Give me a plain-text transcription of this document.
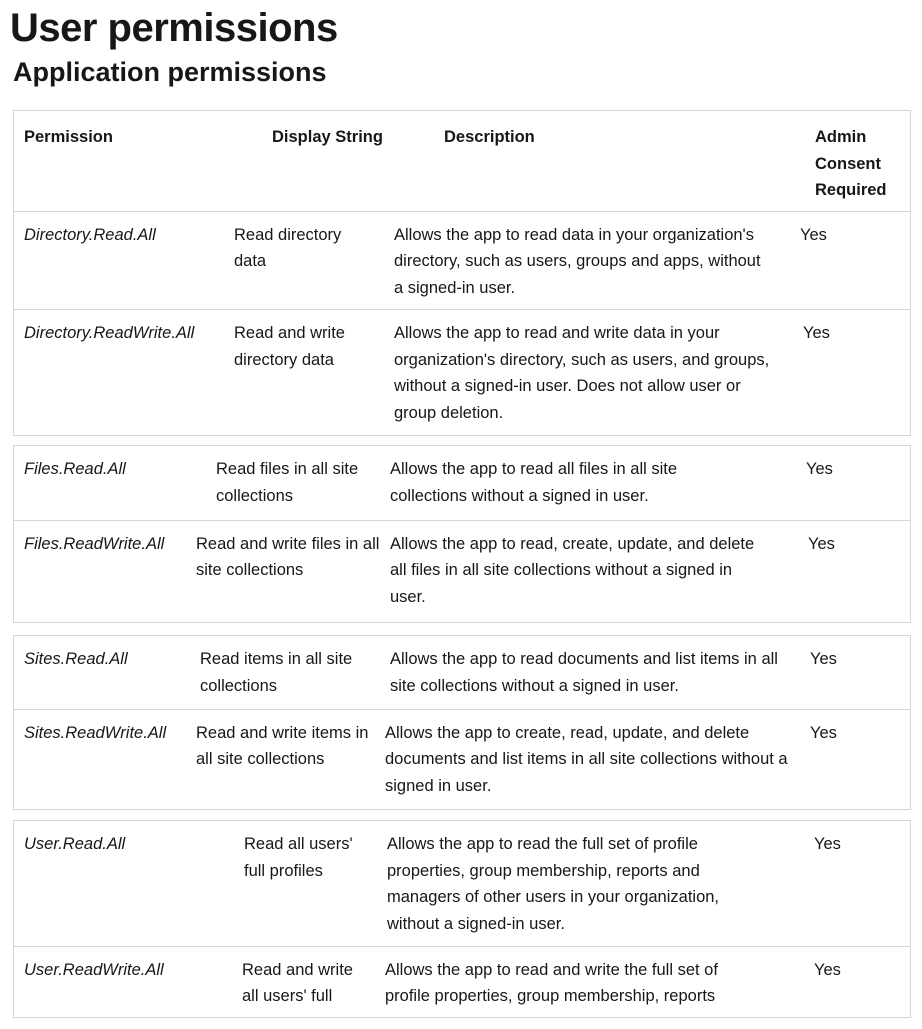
User permissions
Application permissions
Permission	Display String	Description	Admin
Consent
Required
Directory.Read.All	Read directory data	Allows the app to read data in your organization's directory, such as users, groups and apps, without a signed-in user.	Yes
Directory.ReadWrite.All	Read and write directory data	Allows the app to read and write data in your organization's directory, such as users, and groups, without a signed-in user. Does not allow user or group deletion.	Yes
Files.Read.All	Read files in all site collections	Allows the app to read all files in all site collections without a signed in user.	Yes
Files.ReadWrite.All	Read and write files in all site collections	Allows the app to read, create, update, and delete all files in all site collections without a signed in user.	Yes
Sites.Read.All	Read items in all site collections	Allows the app to read documents and list items in all site collections without a signed in user.	Yes
Sites.ReadWrite.All	Read and write items in all site collections	Allows the app to create, read, update, and delete documents and list items in all site collections without a signed in user.	Yes
User.Read.All	Read all users' full profiles	Allows the app to read the full set of profile properties, group membership, reports and managers of other users in your organization, without a signed-in user.	Yes
User.ReadWrite.All	Read and write all users' full	Allows the app to read and write the full set of profile properties, group membership, reports	Yes
